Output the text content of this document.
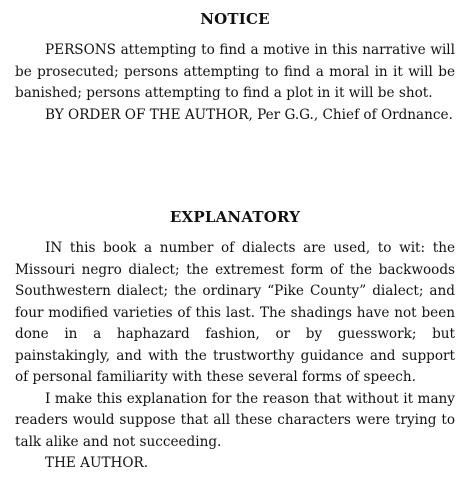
NOTICE

PERSONS attempting to find a motive in this narrative will be prosecuted; persons attempting to find a moral in it will be banished; persons attempting to find a plot in it will be shot.

BY ORDER OF THE AUTHOR, Per G.G., Chief of Ordnance.

EXPLANATORY

IN this book a number of dialects are used, to wit: the Missouri negro dialect; the extremest form of the backwoods Southwestern dialect; the ordinary “Pike County” dialect; and four modified varieties of this last. The shadings have not been done in a haphazard fashion, or by guesswork; but painstakingly, and with the trustworthy guidance and support of personal familiarity with these several forms of speech.

I make this explanation for the reason that without it many readers would suppose that all these characters were trying to talk alike and not succeeding.

THE AUTHOR.
